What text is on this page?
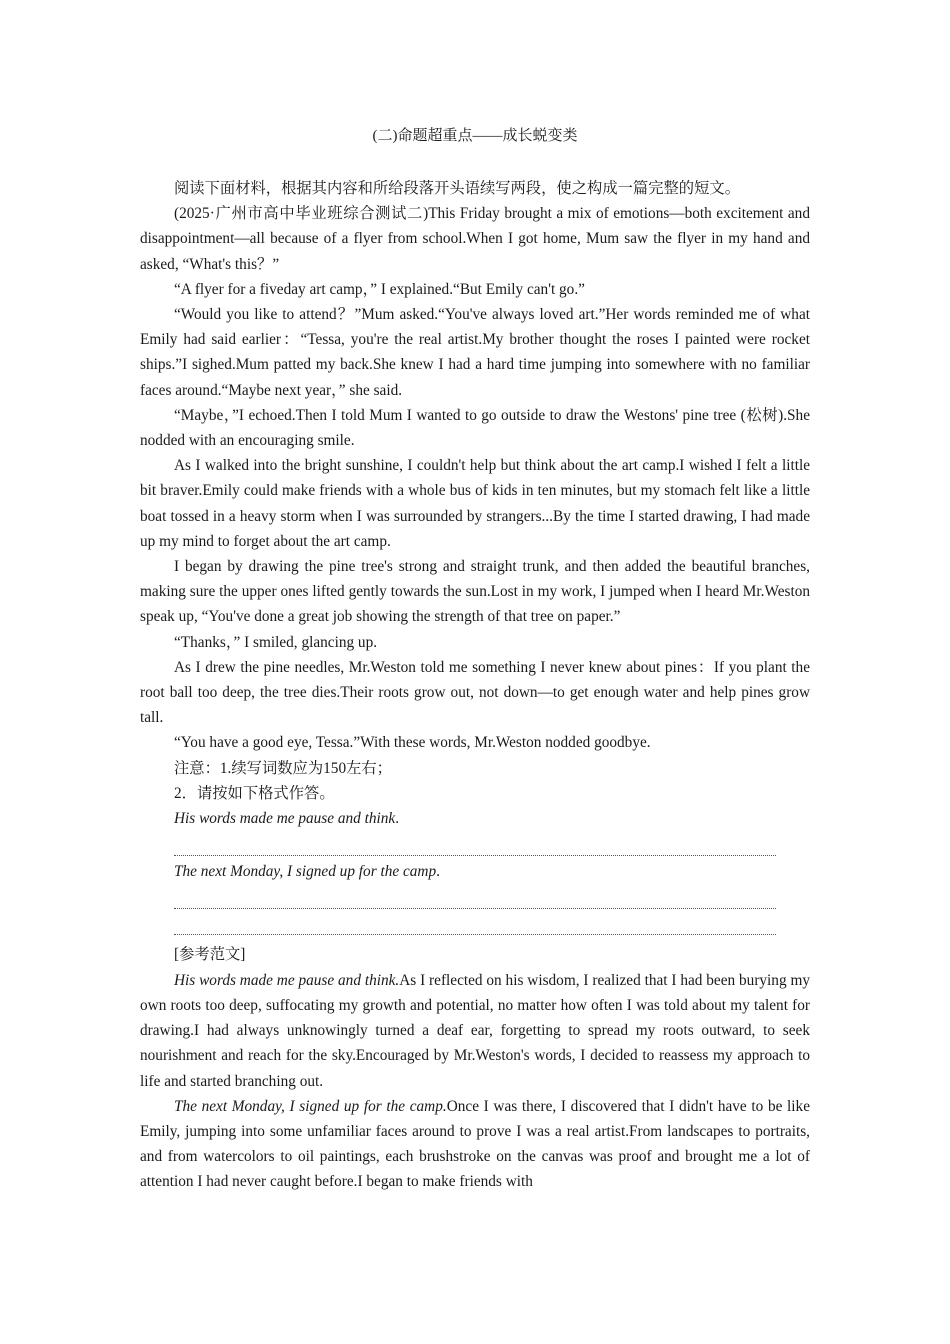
(二)命题超重点——成长蜕变类

阅读下面材料，根据其内容和所给段落开头语续写两段，使之构成一篇完整的短文。

(2025·广州市高中毕业班综合测试二)This Friday brought a mix of emotions—both excitement and disappointment—all because of a flyer from school.When I got home, Mum saw the flyer in my hand and asked, “What's this？”

“A flyer for a fiveday art camp，” I explained.“But Emily can't go.”

“Would you like to attend？”Mum asked.“You've always loved art.”Her words reminded me of what Emily had said earlier：“Tessa, you're the real artist.My brother thought the roses I painted were rocket ships.”I sighed.Mum patted my back.She knew I had a hard time jumping into somewhere with no familiar faces around.“Maybe next year，” she said.

“Maybe，”I echoed.Then I told Mum I wanted to go outside to draw the Westons' pine tree (松树).She nodded with an encouraging smile.

As I walked into the bright sunshine, I couldn't help but think about the art camp.I wished I felt a little bit braver.Emily could make friends with a whole bus of kids in ten minutes, but my stomach felt like a little boat tossed in a heavy storm when I was surrounded by strangers...By the time I started drawing, I had made up my mind to forget about the art camp.

I began by drawing the pine tree's strong and straight trunk, and then added the beautiful branches, making sure the upper ones lifted gently towards the sun.Lost in my work, I jumped when I heard Mr.Weston speak up, “You've done a great job showing the strength of that tree on paper.”

“Thanks，” I smiled, glancing up.

As I drew the pine needles, Mr.Weston told me something I never knew about pines：If you plant the root ball too deep, the tree dies.Their roots grow out, not down—to get enough water and help pines grow tall.

“You have a good eye, Tessa.”With these words, Mr.Weston nodded goodbye.

注意：1.续写词数应为150左右；

2．请按如下格式作答。

His words made me pause and think.

The next Monday, I signed up for the camp.

[参考范文]

His words made me pause and think.As I reflected on his wisdom, I realized that I had been burying my own roots too deep, suffocating my growth and potential, no matter how often I was told about my talent for drawing.I had always unknowingly turned a deaf ear, forgetting to spread my roots outward, to seek nourishment and reach for the sky.Encouraged by Mr.Weston's words, I decided to reassess my approach to life and started branching out.

The next Monday, I signed up for the camp.Once I was there, I discovered that I didn't have to be like Emily, jumping into some unfamiliar faces around to prove I was a real artist.From landscapes to portraits, and from watercolors to oil paintings, each brushstroke on the canvas was proof and brought me a lot of attention I had never caught before.I began to make friends with
